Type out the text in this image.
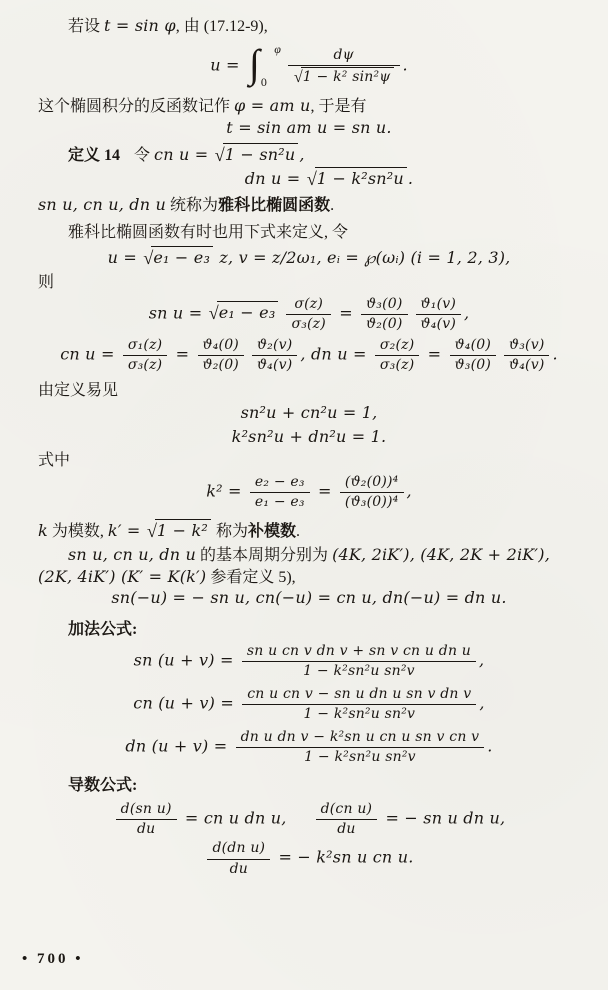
若设 t = sin φ, 由 (17.12-9),
u = ∫ φ
$0 \frac{d\psi}{\text{√1 − k² sin²ψ}}$ .
这个椭圆积分的反函数记作 φ = am u, 于是有
t = sin am u = sn u.
定义 14 令 cn u = √1 − sn²u ,
dn u = √1 − k²sn²u .
sn u, cn u, dn u 统称为雅科比椭圆函数.
雅科比椭圆函数有时也用下式来定义, 令
u = √e₁ − e₃ z, v = z/2ω₁, eᵢ = ℘(ωᵢ) (i = 1, 2, 3),
则
sn $u = √e_1 - e_3 \frac{\sigma(z)}{\text{σ₃(z)}} = \frac{\text{ϑ₃(0)}}{\text{ϑ₂(0)}} \frac{\text{ϑ₁(v)}}{\text{ϑ₄(v)}}$ ,
cn $u = \frac{\text{σ₁(z)}}{\text{σ₃(z)}} = \frac{\text{ϑ₄(0)}}{\text{ϑ₂(0)}} \frac{\text{ϑ₂(v)}}{\text{ϑ₄(v)}}$ , dn $u = \frac{\text{σ₂(z)}}{\text{σ₃(z)}} = \frac{\text{ϑ₄(0)}}{\text{ϑ₃(0)}} \frac{\text{ϑ₃(v)}}{\text{ϑ₄(v)}}$ .
由定义易见
sn²u + cn²u = 1,
k²sn²u + dn²u = 1.
式中
$k^2 = \frac{\text{e₂ − e₃}}{\text{e₁ − e₃}} = \frac{\text{(ϑ₂(0))⁴}}{\text{(ϑ₃(0))⁴}}$ ,
k 为模数, k′ = √1 − k² 称为补模数.
sn u, cn u, dn u 的基本周期分别为 (4K, 2iK′), (4K, 2K + 2iK′),
(2K, 4iK′) (K′ = K(k′) 参看定义 5),
sn(−u) = − sn u, cn(−u) = cn u, dn(−u) = dn u.
加法公式:
sn $(u + v) = \frac{\text{sn u cn v dn v + sn v cn u dn u}}{\text{1 − k²sn²u sn²v}}$ ,
cn $(u + v) = \frac{\text{cn u cn v − sn u dn u sn v dn v}}{\text{1 − k²sn²u sn²v}}$ ,
dn $(u + v) = \frac{\text{dn u dn v − k²sn u cn u sn v cn v}}{\text{1 − k²sn²u sn²v}}$ .
导数公式:
$\frac{\text{d(sn u)}}{du}$ = cn u dn u, $\frac{\text{d(cn u)}}{du}$ = − sn u dn u,
$\frac{\text{d(dn u)}}{du}$ = − k²sn u cn u.
• 700 •
